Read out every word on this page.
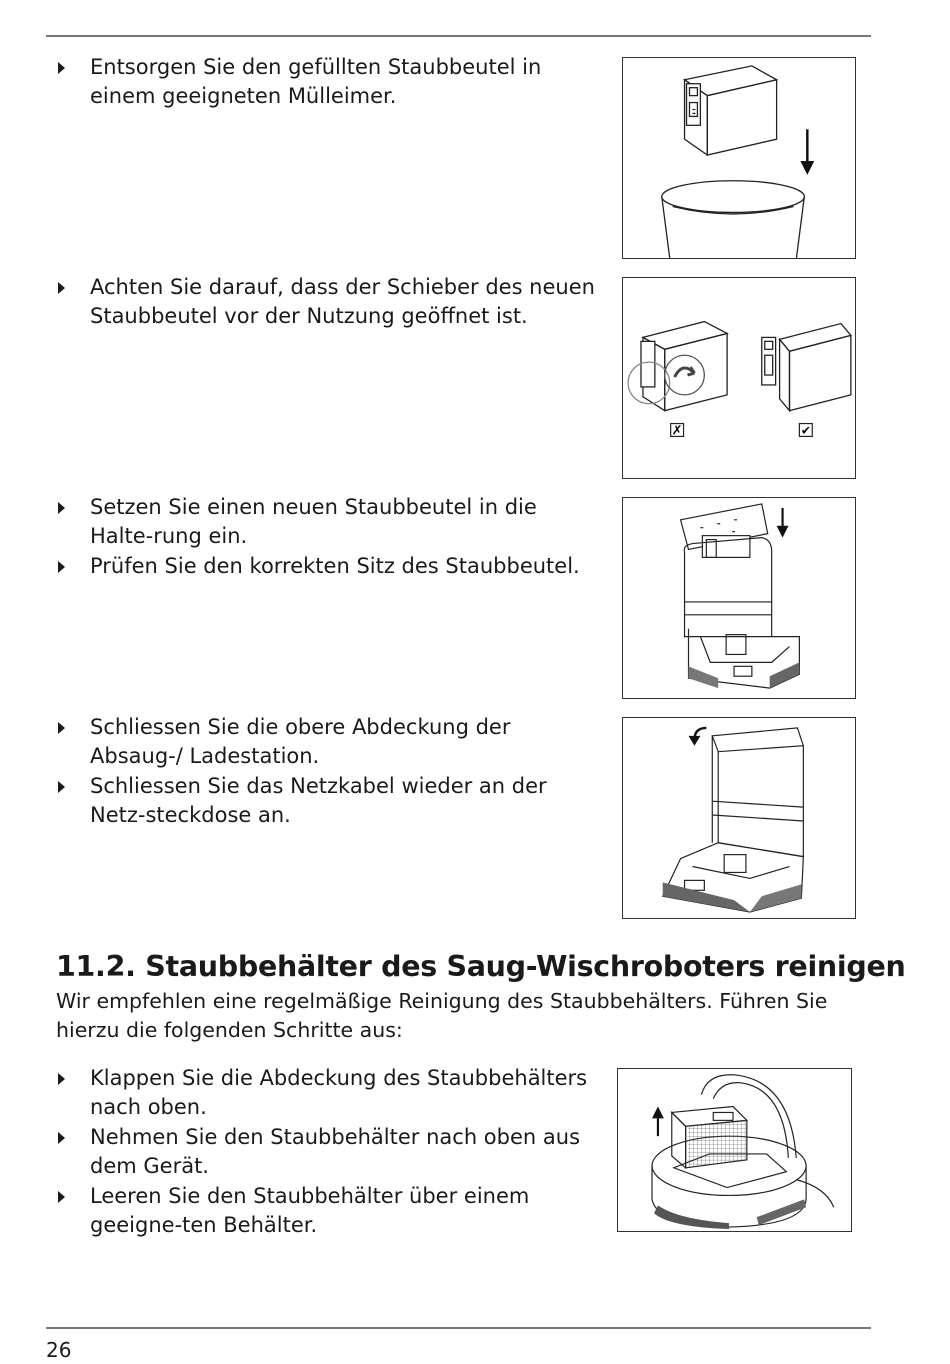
Entsorgen Sie den gefüllten Staubbeutel in einem geeigneten Mülleimer.
Achten Sie darauf, dass der Schieber des neuen Staubbeutel vor der Nutzung geöffnet ist.
✗	✔
Setzen Sie einen neuen Staubbeutel in die Halte-rung ein.
Prüfen Sie den korrekten Sitz des Staubbeutel.
Schliessen Sie die obere Abdeckung der Absaug-/ Ladestation.
Schliessen Sie das Netzkabel wieder an der Netz-steckdose an.
11.2. Staubbehälter des Saug-Wischroboters reinigen
Wir empfehlen eine regelmäßige Reinigung des Staubbehälters. Führen Sie hierzu die folgenden Schritte aus:
Klappen Sie die Abdeckung des Staubbehälters nach oben.
Nehmen Sie den Staubbehälter nach oben aus dem Gerät.
Leeren Sie den Staubbehälter über einem geeigne-ten Behälter.
26
